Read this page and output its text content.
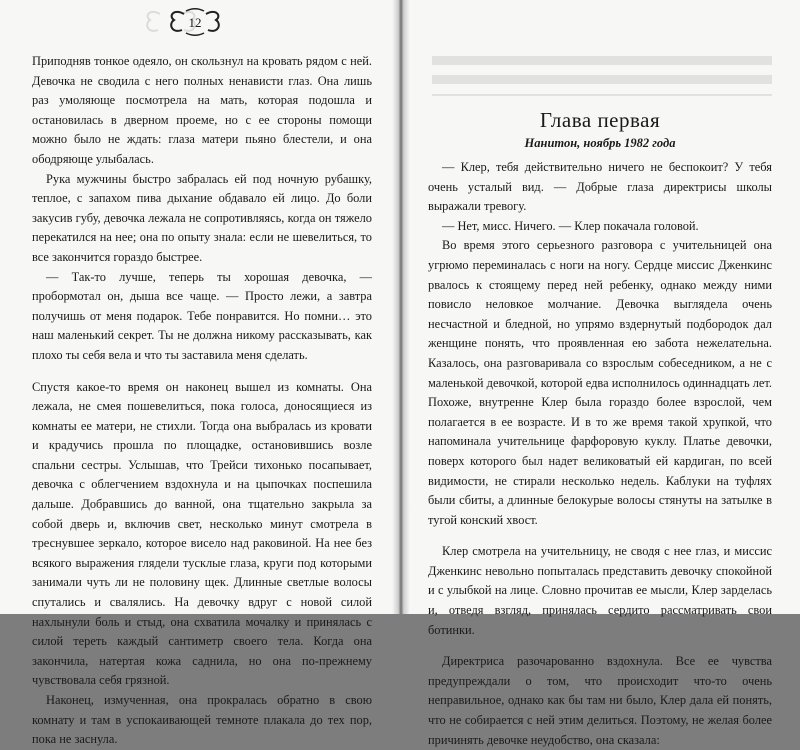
12

Приподняв тонкое одеяло, он скользнул на кровать рядом с ней. Девочка не сводила с него полных ненависти глаз. Она лишь раз умоляюще посмотрела на мать, которая подошла и остановилась в дверном проеме, но с ее стороны помощи можно было не ждать: глаза матери пьяно блестели, и она ободряюще улыбалась.

Рука мужчины быстро забралась ей под ночную рубашку, теплое, с запахом пива дыхание обдавало ей лицо. До боли закусив губу, девочка лежала не сопротивляясь, когда он тяжело перекатился на нее; она по опыту знала: если не шевелиться, то все закончится гораздо быстрее.

— Так-то лучше, теперь ты хорошая девочка, — пробормотал он, дыша все чаще. — Просто лежи, а завтра получишь от меня подарок. Тебе понравится. Но помни… это наш маленький секрет. Ты не должна никому рассказывать, как плохо ты себя вела и что ты заставила меня сделать.

Спустя какое-то время он наконец вышел из комнаты. Она лежала, не смея пошевелиться, пока голоса, доносящиеся из комнаты ее матери, не стихли. Тогда она выбралась из кровати и крадучись прошла по площадке, остановившись возле спальни сестры. Услышав, что Трейси тихонько посапывает, девочка с облегчением вздохнула и на цыпочках поспешила дальше. Добравшись до ванной, она тщательно закрыла за собой дверь и, включив свет, несколько минут смотрела в треснувшее зеркало, которое висело над раковиной. На нее без всякого выражения глядели тусклые глаза, круги под которыми занимали чуть ли не половину щек. Длинные светлые волосы спутались и свалялись. На девочку вдруг с новой силой нахлынули боль и стыд, она схватила мочалку и принялась с силой тереть каждый сантиметр своего тела. Когда она закончила, натертая кожа саднила, но она по-прежнему чувствовала себя грязной.

Наконец, измученная, она прокралась обратно в свою комнату и там в успокаивающей темноте плакала до тех пор, пока не заснула.

Глава первая
Нанитон, ноябрь 1982 года

— Клер, тебя действительно ничего не беспокоит? У тебя очень усталый вид. — Добрые глаза директрисы школы выражали тревогу.

— Нет, мисс. Ничего. — Клер покачала головой.

Во время этого серьезного разговора с учительницей она угрюмо переминалась с ноги на ногу. Сердце миссис Дженкинс рвалось к стоящему перед ней ребенку, однако между ними повисло неловкое молчание. Девочка выглядела очень несчастной и бледной, но упрямо вздернутый подбородок дал женщине понять, что проявленная ею забота нежелательна. Казалось, она разговаривала со взрослым собеседником, а не с маленькой девочкой, которой едва исполнилось одиннадцать лет. Похоже, внутренне Клер была гораздо более взрослой, чем полагается в ее возрасте. И в то же время такой хрупкой, что напоминала учительнице фарфоровую куклу. Платье девочки, поверх которого был надет великоватый ей кардиган, по всей видимости, не стирали несколько недель. Каблуки на туфлях были сбиты, а длинные белокурые волосы стянуты на затылке в тугой конский хвост.

Клер смотрела на учительницу, не сводя с нее глаз, и миссис Дженкинс невольно попыталась представить девочку спокойной и с улыбкой на лице. Словно прочитав ее мысли, Клер зарделась и, отведя взгляд, принялась сердито рассматривать свои ботинки.

Директриса разочарованно вздохнула. Все ее чувства предупреждали о том, что происходит что-то очень неправильное, однако как бы там ни было, Клер дала ей понять, что не собирается с ней этим делиться. Поэтому, не желая более причинять девочке неудобство, она сказала:
